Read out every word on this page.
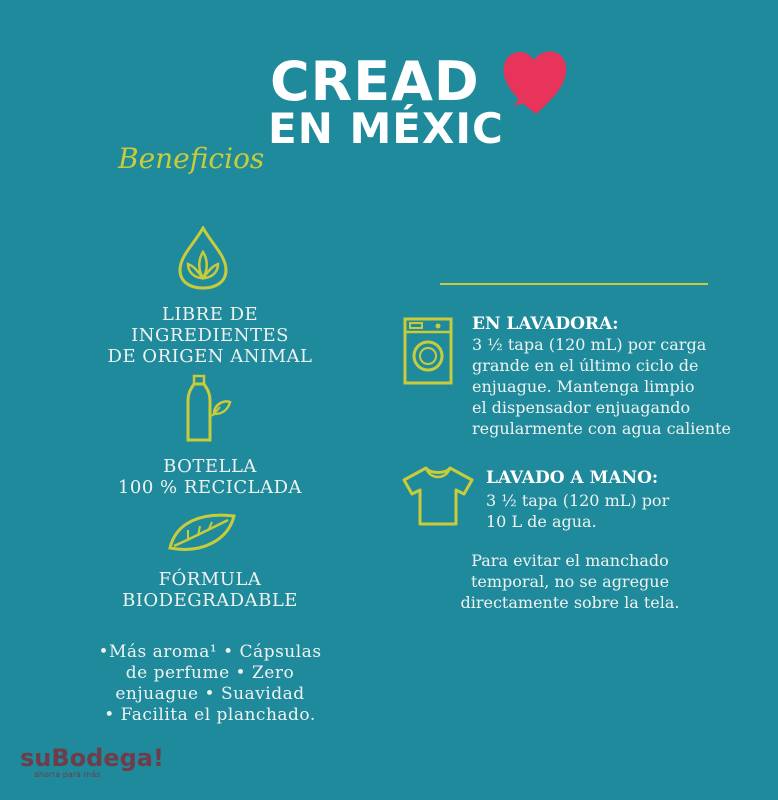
CREAD
EN MÉXIC
Beneficios
LIBRE DE
INGREDIENTES
DE ORIGEN ANIMAL
BOTELLA
100 % RECICLADA
FÓRMULA
BIODEGRADABLE
•Más aroma¹ • Cápsulas
de perfume • Zero
enjuague • Suavidad
• Facilita el planchado.
EN LAVADORA:
3 ½ tapa (120 mL) por carga
grande en el último ciclo de
enjuague. Mantenga limpio
el dispensador enjuagando
regularmente con agua caliente
LAVADO A MANO:
3 ½ tapa (120 mL) por
10 L de agua.
Para evitar el manchado
temporal, no se agregue
directamente sobre la tela.
suBodega!
ahorra para más
